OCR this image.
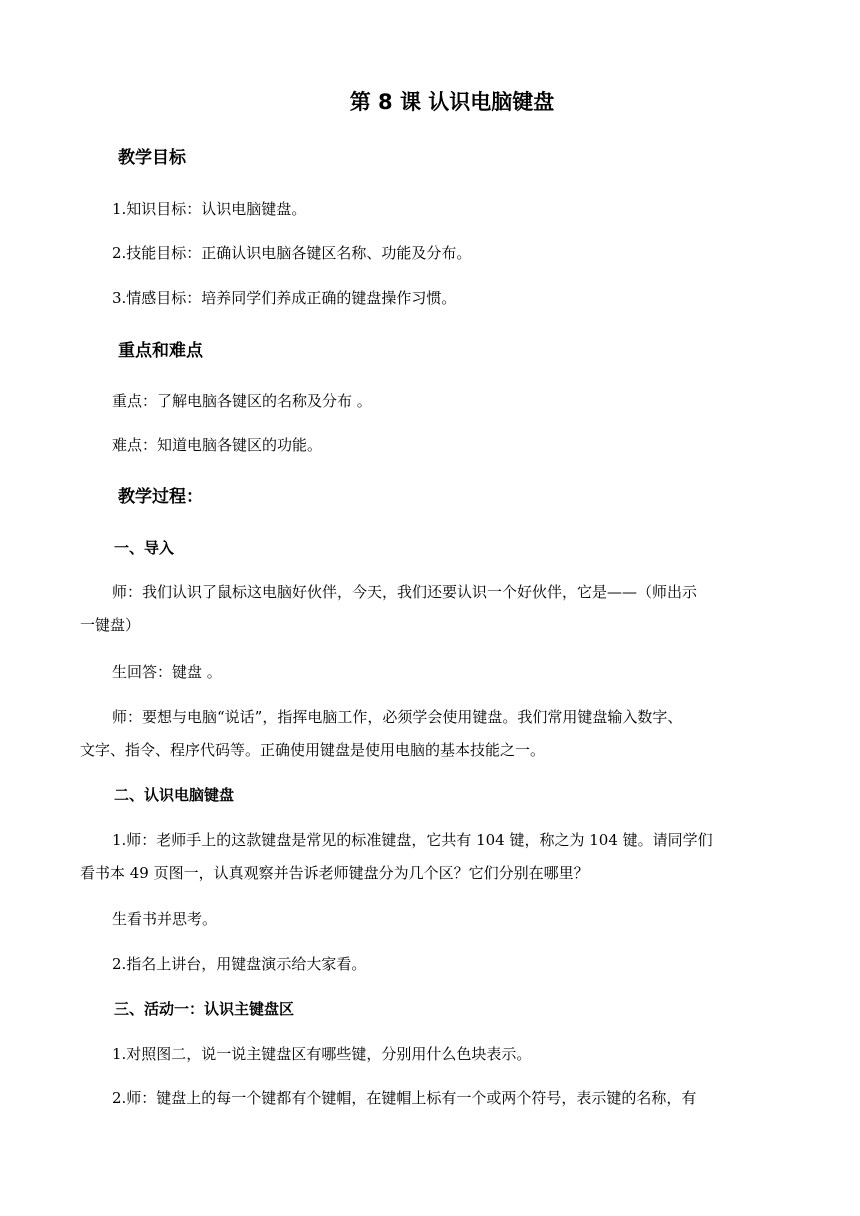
第 8 课 认识电脑键盘
教学目标
1.知识目标：认识电脑键盘。
2.技能目标：正确认识电脑各键区名称、功能及分布。
3.情感目标：培养同学们养成正确的键盘操作习惯。
重点和难点
重点：了解电脑各键区的名称及分布 。
难点：知道电脑各键区的功能。
教学过程：
一、导入
师：我们认识了鼠标这电脑好伙伴，今天，我们还要认识一个好伙伴，它是——（师出示
一键盘）
生回答：键盘 。
师：要想与电脑“说话”，指挥电脑工作，必须学会使用键盘。我们常用键盘输入数字、
文字、指令、程序代码等。正确使用键盘是使用电脑的基本技能之一。
二、认识电脑键盘
1.师：老师手上的这款键盘是常见的标准键盘，它共有 104 键，称之为 104 键。请同学们
看书本 49 页图一，认真观察并告诉老师键盘分为几个区？它们分别在哪里？
生看书并思考。
2.指名上讲台，用键盘演示给大家看。
三、活动一：认识主键盘区
1.对照图二，说一说主键盘区有哪些键，分别用什么色块表示。
2.师：键盘上的每一个键都有个键帽，在键帽上标有一个或两个符号，表示键的名称，有
